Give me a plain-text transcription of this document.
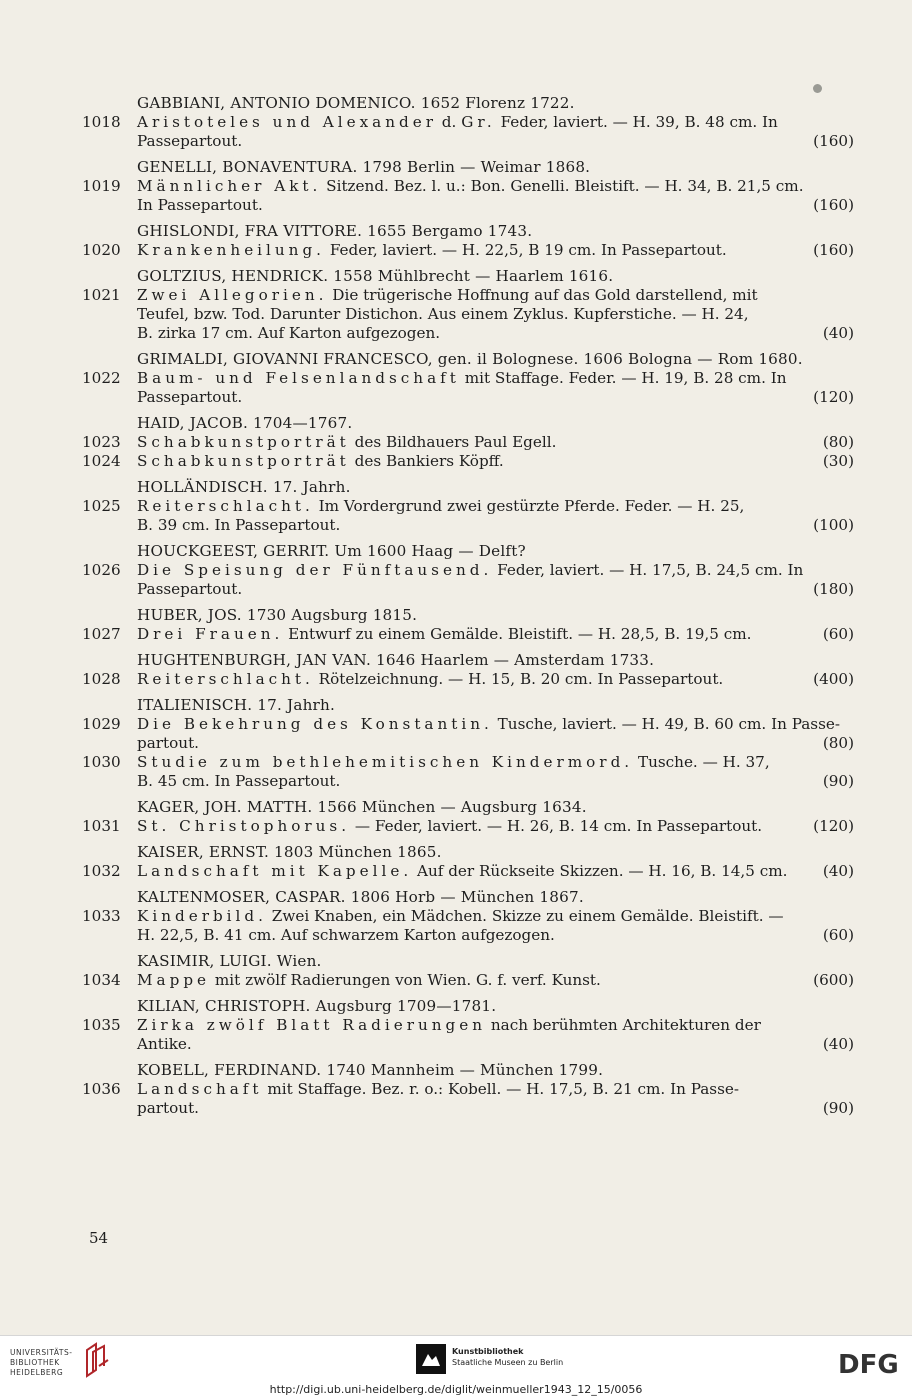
GABBIANI, ANTONIO DOMENICO. 1652 Florenz 1722.
1018	Aristoteles und Alexander d. Gr. Feder, laviert. — H. 39, B. 48 cm. In
Passepartout.	(160)
GENELLI, BONAVENTURA. 1798 Berlin — Weimar 1868.
1019	Männlicher Akt. Sitzend. Bez. l. u.: Bon. Genelli. Bleistift. — H. 34, B. 21,5 cm.
In Passepartout.	(160)
GHISLONDI, FRA VITTORE. 1655 Bergamo 1743.
1020	Krankenheilung. Feder, laviert. — H. 22,5, B 19 cm. In Passepartout.	(160)
GOLTZIUS, HENDRICK. 1558 Mühlbrecht — Haarlem 1616.
1021	Zwei Allegorien. Die trügerische Hoffnung auf das Gold darstellend, mit
Teufel, bzw. Tod. Darunter Distichon. Aus einem Zyklus. Kupferstiche. — H. 24,
B. zirka 17 cm. Auf Karton aufgezogen.	(40)
GRIMALDI, GIOVANNI FRANCESCO, gen. il Bolognese. 1606 Bologna — Rom 1680.
1022	Baum- und Felsenlandschaft mit Staffage. Feder. — H. 19, B. 28 cm. In
Passepartout.	(120)
HAID, JACOB. 1704—1767.
1023	Schabkunstporträt des Bildhauers Paul Egell.	(80)
1024	Schabkunstporträt des Bankiers Köpff.	(30)
HOLLÄNDISCH. 17. Jahrh.
1025	Reiterschlacht. Im Vordergrund zwei gestürzte Pferde. Feder. — H. 25,
B. 39 cm. In Passepartout.	(100)
HOUCKGEEST, GERRIT. Um 1600 Haag — Delft?
1026	Die Speisung der Fünftausend. Feder, laviert. — H. 17,5, B. 24,5 cm. In
Passepartout.	(180)
HUBER, JOS. 1730 Augsburg 1815.
1027	Drei Frauen. Entwurf zu einem Gemälde. Bleistift. — H. 28,5, B. 19,5 cm.	(60)
HUGHTENBURGH, JAN VAN. 1646 Haarlem — Amsterdam 1733.
1028	Reiterschlacht. Rötelzeichnung. — H. 15, B. 20 cm. In Passepartout.	(400)
ITALIENISCH. 17. Jahrh.
1029	Die Bekehrung des Konstantin. Tusche, laviert. — H. 49, B. 60 cm. In Passe-
partout.	(80)
1030	Studie zum bethlehemitischen Kindermord. Tusche. — H. 37,
B. 45 cm. In Passepartout.	(90)
KAGER, JOH. MATTH. 1566 München — Augsburg 1634.
1031	St. Christophorus. — Feder, laviert. — H. 26, B. 14 cm. In Passepartout.	(120)
KAISER, ERNST. 1803 München 1865.
1032	Landschaft mit Kapelle. Auf der Rückseite Skizzen. — H. 16, B. 14,5 cm. (40)
KALTENMOSER, CASPAR. 1806 Horb — München 1867.
1033	Kinderbild. Zwei Knaben, ein Mädchen. Skizze zu einem Gemälde. Bleistift. —
H. 22,5, B. 41 cm. Auf schwarzem Karton aufgezogen.	(60)
KASIMIR, LUIGI. Wien.
1034	Mappe mit zwölf Radierungen von Wien. G. f. verf. Kunst.	(600)
KILIAN, CHRISTOPH. Augsburg 1709—1781.
1035	Zirka zwölf Blatt Radierungen nach berühmten Architekturen der
Antike.	(40)
KOBELL, FERDINAND. 1740 Mannheim — München 1799.
1036	Landschaft mit Staffage. Bez. r. o.: Kobell. — H. 17,5, B. 21 cm. In Passe-
partout.	(90)
54
UNIVERSITÄTS-
BIBLIOTHEK
HEIDELBERG
Kunstbibliothek
Staatliche Museen zu Berlin	DFG
http://digi.ub.uni-heidelberg.de/diglit/weinmueller1943_12_15/0056
